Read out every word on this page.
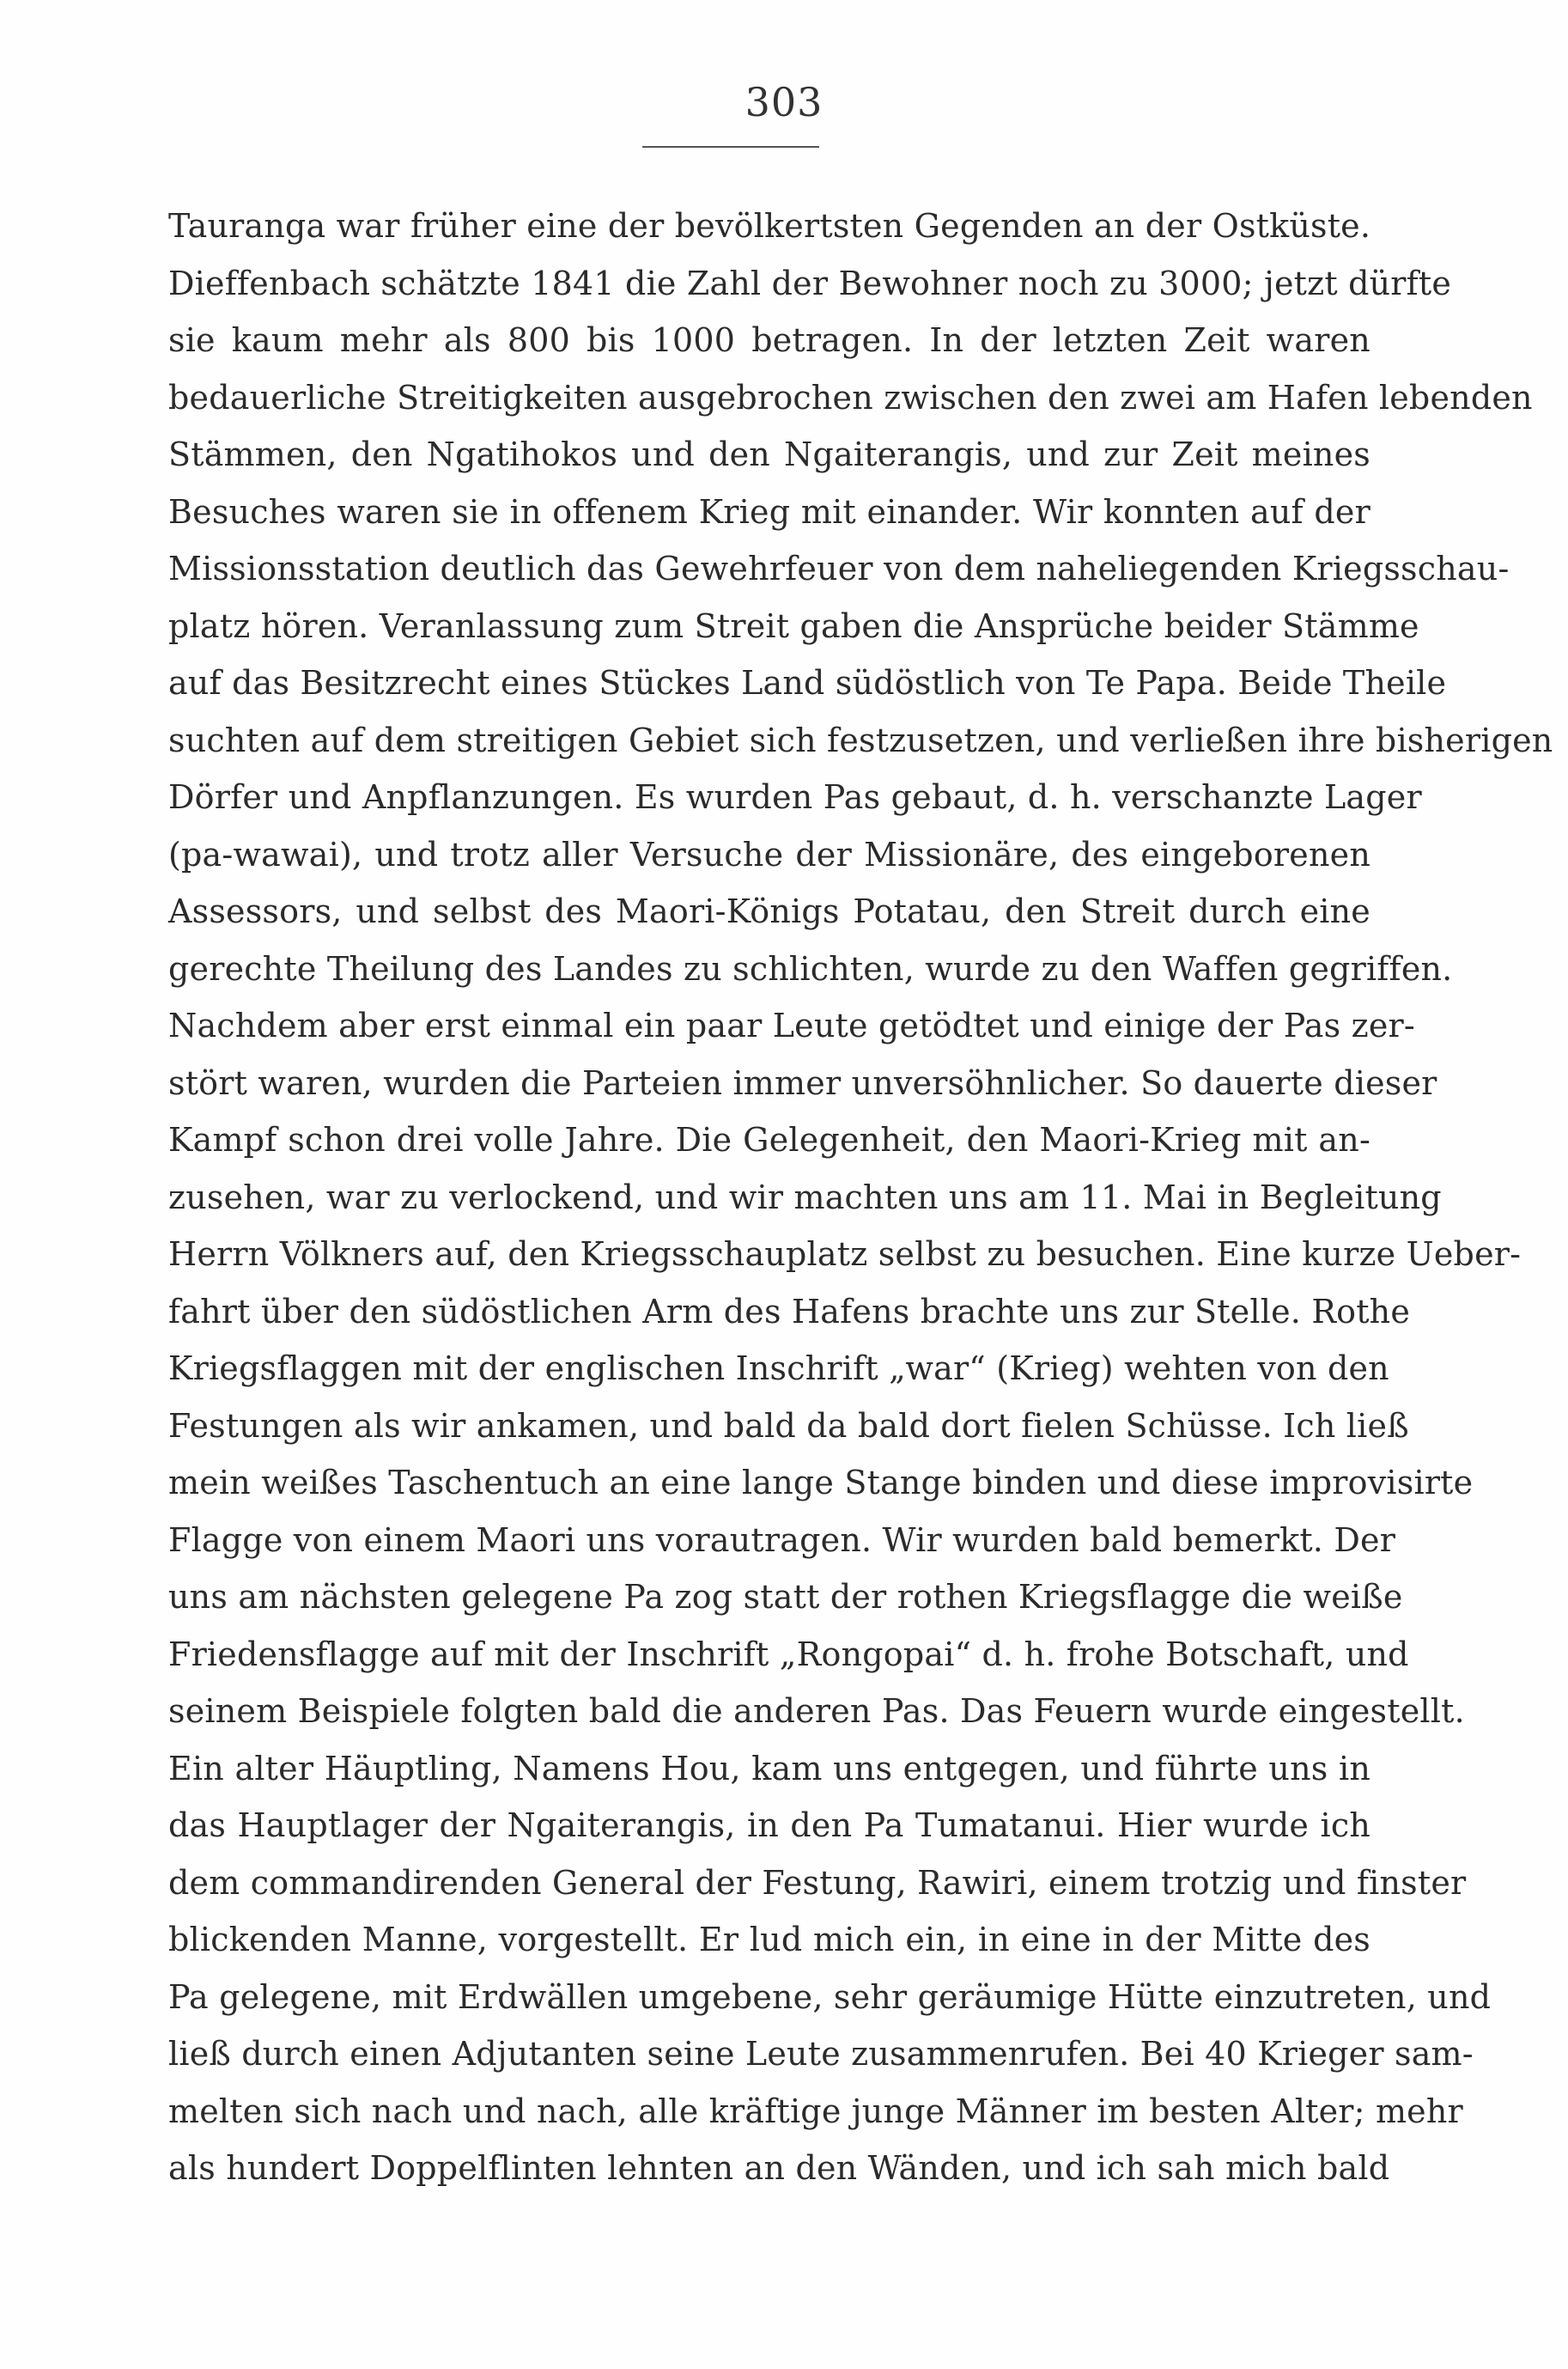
303
Tauranga war früher eine der bevölkertsten Gegenden an der Ostküste.
Dieffenbach schätzte 1841 die Zahl der Bewohner noch zu 3000; jetzt dürfte
sie kaum mehr als 800 bis 1000 betragen. In der letzten Zeit waren
bedauerliche Streitigkeiten ausgebrochen zwischen den zwei am Hafen lebenden
Stämmen, den Ngatihokos und den Ngaiterangis, und zur Zeit meines
Besuches waren sie in offenem Krieg mit einander. Wir konnten auf der
Missionsstation deutlich das Gewehrfeuer von dem naheliegenden Kriegsschau-
platz hören. Veranlassung zum Streit gaben die Ansprüche beider Stämme
auf das Besitzrecht eines Stückes Land südöstlich von Te Papa. Beide Theile
suchten auf dem streitigen Gebiet sich festzusetzen, und verließen ihre bisherigen
Dörfer und Anpflanzungen. Es wurden Pas gebaut, d. h. verschanzte Lager
(pa-wawai), und trotz aller Versuche der Missionäre, des eingeborenen
Assessors, und selbst des Maori-Königs Potatau, den Streit durch eine
gerechte Theilung des Landes zu schlichten, wurde zu den Waffen gegriffen.
Nachdem aber erst einmal ein paar Leute getödtet und einige der Pas zer-
stört waren, wurden die Parteien immer unversöhnlicher. So dauerte dieser
Kampf schon drei volle Jahre. Die Gelegenheit, den Maori-Krieg mit an-
zusehen, war zu verlockend, und wir machten uns am 11. Mai in Begleitung
Herrn Völkners auf, den Kriegsschauplatz selbst zu besuchen. Eine kurze Ueber-
fahrt über den südöstlichen Arm des Hafens brachte uns zur Stelle. Rothe
Kriegsflaggen mit der englischen Inschrift „war“ (Krieg) wehten von den
Festungen als wir ankamen, und bald da bald dort fielen Schüsse. Ich ließ
mein weißes Taschentuch an eine lange Stange binden und diese improvisirte
Flagge von einem Maori uns vorautragen. Wir wurden bald bemerkt. Der
uns am nächsten gelegene Pa zog statt der rothen Kriegsflagge die weiße
Friedensflagge auf mit der Inschrift „Rongopai“ d. h. frohe Botschaft, und
seinem Beispiele folgten bald die anderen Pas. Das Feuern wurde eingestellt.
Ein alter Häuptling, Namens Hou, kam uns entgegen, und führte uns in
das Hauptlager der Ngaiterangis, in den Pa Tumatanui. Hier wurde ich
dem commandirenden General der Festung, Rawiri, einem trotzig und finster
blickenden Manne, vorgestellt. Er lud mich ein, in eine in der Mitte des
Pa gelegene, mit Erdwällen umgebene, sehr geräumige Hütte einzutreten, und
ließ durch einen Adjutanten seine Leute zusammenrufen. Bei 40 Krieger sam-
melten sich nach und nach, alle kräftige junge Männer im besten Alter; mehr
als hundert Doppelflinten lehnten an den Wänden, und ich sah mich bald
